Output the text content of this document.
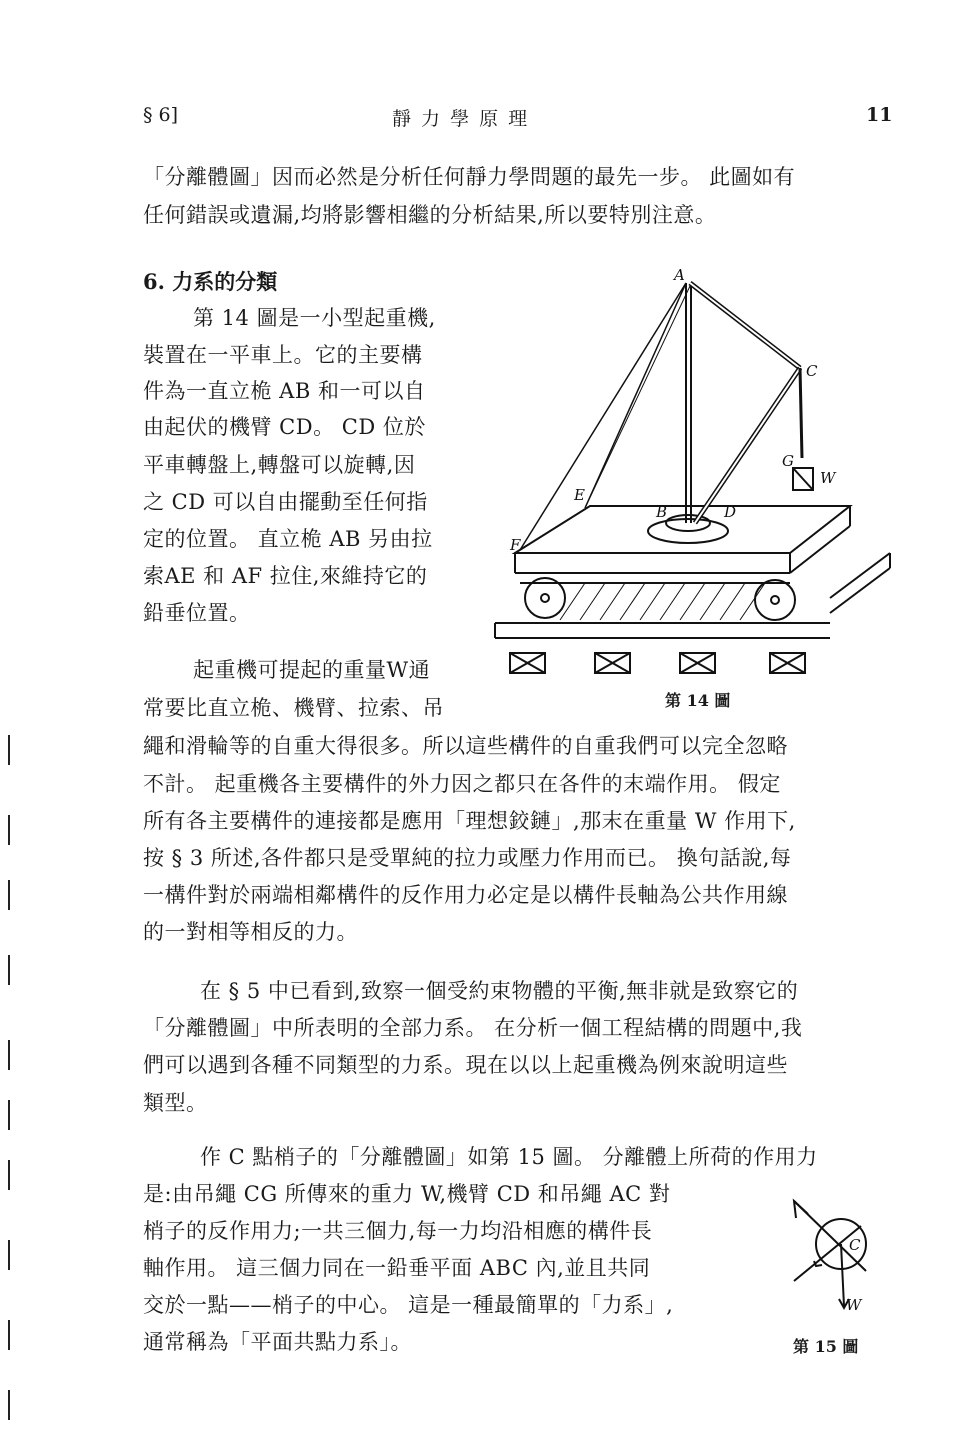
§ 6]	靜 力 學 原 理	11
「分離體圖」因而必然是分析任何靜力學問題的最先一步。 此圖如有
任何錯誤或遺漏,均將影響相繼的分析結果,所以要特別注意。
6. 力系的分類
第 14 圖是一小型起重機,
裝置在一平車上。它的主要構
件為一直立桅 AB 和一可以自
由起伏的機臂 CD。 CD 位於
平車轉盤上,轉盤可以旋轉,因
之 CD 可以自由擺動至任何指
定的位置。 直立桅 AB 另由拉
索AE 和 AF 拉住,來維持它的
鉛垂位置。
起重機可提起的重量W通
常要比直立桅、機臂、拉索、吊
繩和滑輪等的自重大得很多。所以這些構件的自重我們可以完全忽略
不計。 起重機各主要構件的外力因之都只在各件的末端作用。 假定
所有各主要構件的連接都是應用「理想鉸鏈」,那末在重量 W 作用下,
按 § 3 所述,各件都只是受單純的拉力或壓力作用而已。 換句話說,每
一構件對於兩端相鄰構件的反作用力必定是以構件長軸為公共作用線
的一對相等相反的力。
在 § 5 中已看到,致察一個受約束物體的平衡,無非就是致察它的
「分離體圖」中所表明的全部力系。 在分析一個工程結構的問題中,我
們可以遇到各種不同類型的力系。現在以以上起重機為例來說明這些
類型。
作 C 點梢子的「分離體圖」如第 15 圖。 分離體上所荷的作用力
是:由吊繩 CG 所傳來的重力 W,機臂 CD 和吊繩 AC 對
梢子的反作用力;一共三個力,每一力均沿相應的構件長
軸作用。 這三個力同在一鉛垂平面 ABC 內,並且共同
交於一點——梢子的中心。 這是一種最簡單的「力系」,
通常稱為「平面共點力系」。
A
C
G
W
E
F
B	D
第 14 圖
C
W
第 15 圖
